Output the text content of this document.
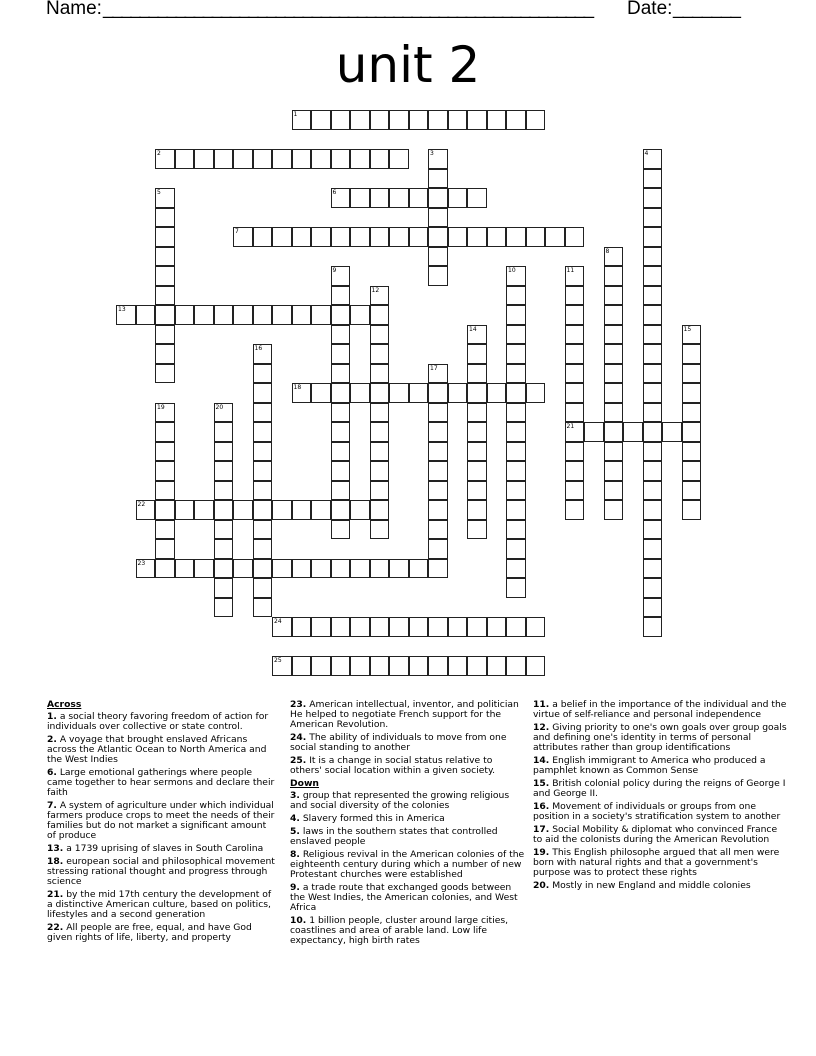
Name: ______________________________________________________ Date: _______
unit 2
1
2
6
7
13
18
21
22
23
24
25
3	4
5
8
9	10	11
12
14	15
16
17
19	20
Across
1. a social theory favoring freedom of action for individuals over collective or state control.
2. A voyage that brought enslaved Africans across the Atlantic Ocean to North America and the West Indies
6. Large emotional gatherings where people came together to hear sermons and declare their faith
7. A system of agriculture under which individual farmers produce crops to meet the needs of their families but do not market a significant amount of produce
13. a 1739 uprising of slaves in South Carolina
18. european social and philosophical movement stressing rational thought and progress through science
21. by the mid 17th century the development of a distinctive American culture, based on politics, lifestyles and a second generation
22. All people are free, equal, and have God given rights of life, liberty, and property
23. American intellectual, inventor, and politician He helped to negotiate French support for the American Revolution.
24. The ability of individuals to move from one social standing to another
25. It is a change in social status relative to others' social location within a given society.
Down
3. group that represented the growing religious and social diversity of the colonies
4. Slavery formed this in America
5. laws in the southern states that controlled enslaved people
8. Religious revival in the American colonies of the eighteenth century during which a number of new Protestant churches were established
9. a trade route that exchanged goods between the West Indies, the American colonies, and West Africa
10. 1 billion people, cluster around large cities, coastlines and area of arable land. Low life expectancy, high birth rates
11. a belief in the importance of the individual and the virtue of self-reliance and personal independence
12. Giving priority to one's own goals over group goals and defining one's identity in terms of personal attributes rather than group identifications
14. English immigrant to America who produced a pamphlet known as Common Sense
15. British colonial policy during the reigns of George I and George II.
16. Movement of individuals or groups from one position in a society's stratification system to another
17. Social Mobility & diplomat who convinced France to aid the colonists during the American Revolution
19. This English philosophe argued that all men were born with natural rights and that a government's purpose was to protect these rights
20. Mostly in new England and middle colonies
